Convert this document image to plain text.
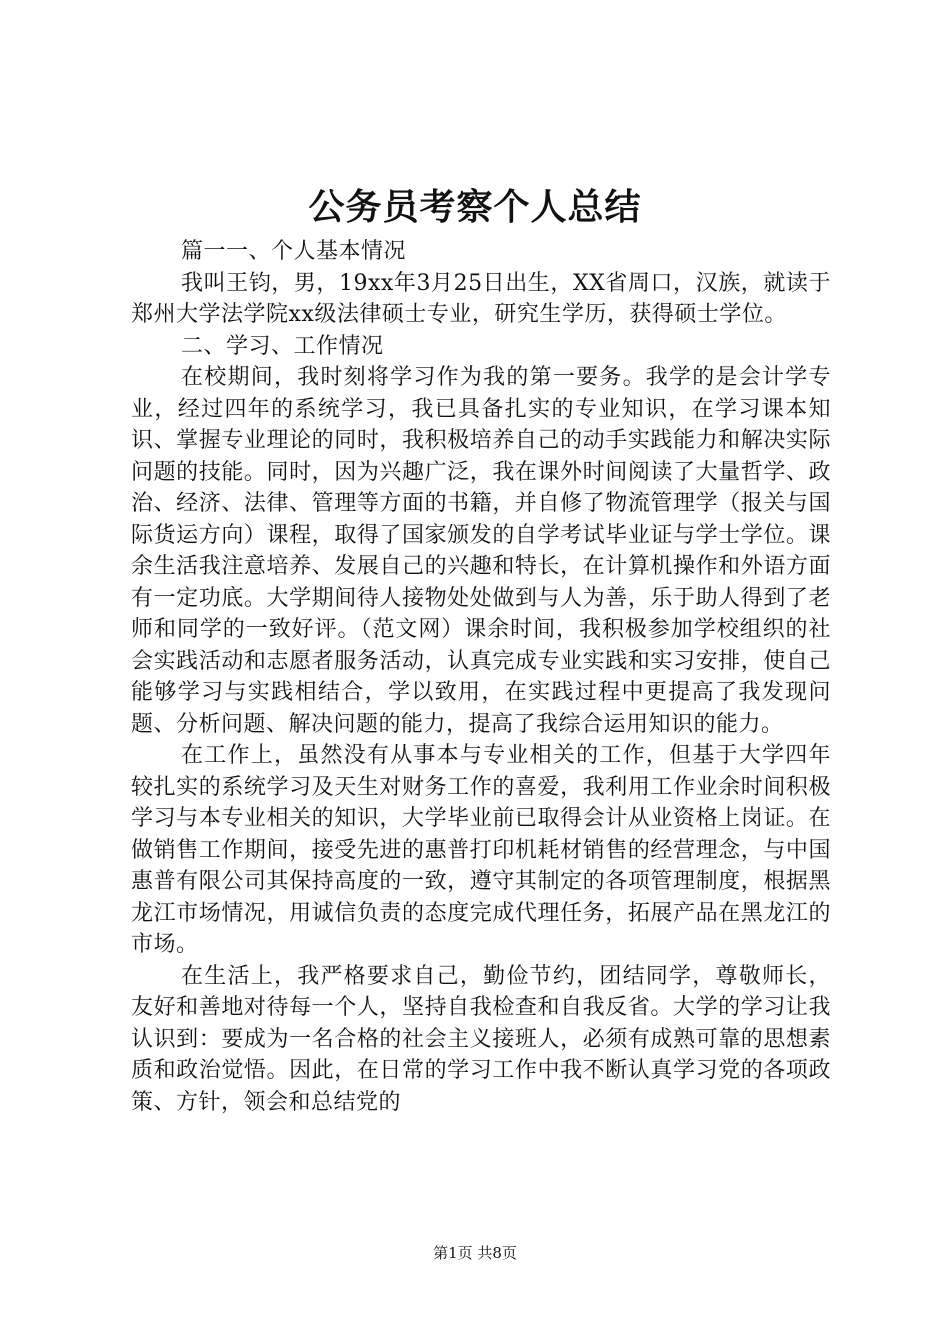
公务员考察个人总结

篇一一、个人基本情况

我叫王钧，男，19xx年3月25日出生，XX省周口，汉族，就读于郑州大学法学院xx级法律硕士专业，研究生学历，获得硕士学位。

二、学习、工作情况

在校期间，我时刻将学习作为我的第一要务。我学的是会计学专业，经过四年的系统学习，我已具备扎实的专业知识，在学习课本知识、掌握专业理论的同时，我积极培养自己的动手实践能力和解决实际问题的技能。同时，因为兴趣广泛，我在课外时间阅读了大量哲学、政治、经济、法律、管理等方面的书籍，并自修了物流管理学（报关与国际货运方向）课程，取得了国家颁发的自学考试毕业证与学士学位。课余生活我注意培养、发展自己的兴趣和特长，在计算机操作和外语方面有一定功底。大学期间待人接物处处做到与人为善，乐于助人得到了老师和同学的一致好评。（范文网）课余时间，我积极参加学校组织的社会实践活动和志愿者服务活动，认真完成专业实践和实习安排，使自己能够学习与实践相结合，学以致用，在实践过程中更提高了我发现问题、分析问题、解决问题的能力，提高了我综合运用知识的能力。

在工作上，虽然没有从事本与专业相关的工作，但基于大学四年较扎实的系统学习及天生对财务工作的喜爱，我利用工作业余时间积极学习与本专业相关的知识，大学毕业前已取得会计从业资格上岗证。在做销售工作期间，接受先进的惠普打印机耗材销售的经营理念，与中国惠普有限公司其保持高度的一致，遵守其制定的各项管理制度，根据黑龙江市场情况，用诚信负责的态度完成代理任务，拓展产品在黑龙江的市场。

在生活上，我严格要求自己，勤俭节约，团结同学，尊敬师长，友好和善地对待每一个人，坚持自我检查和自我反省。大学的学习让我认识到：要成为一名合格的社会主义接班人，必须有成熟可靠的思想素质和政治觉悟。因此，在日常的学习工作中我不断认真学习党的各项政策、方针，领会和总结党的

第1页 共8页
